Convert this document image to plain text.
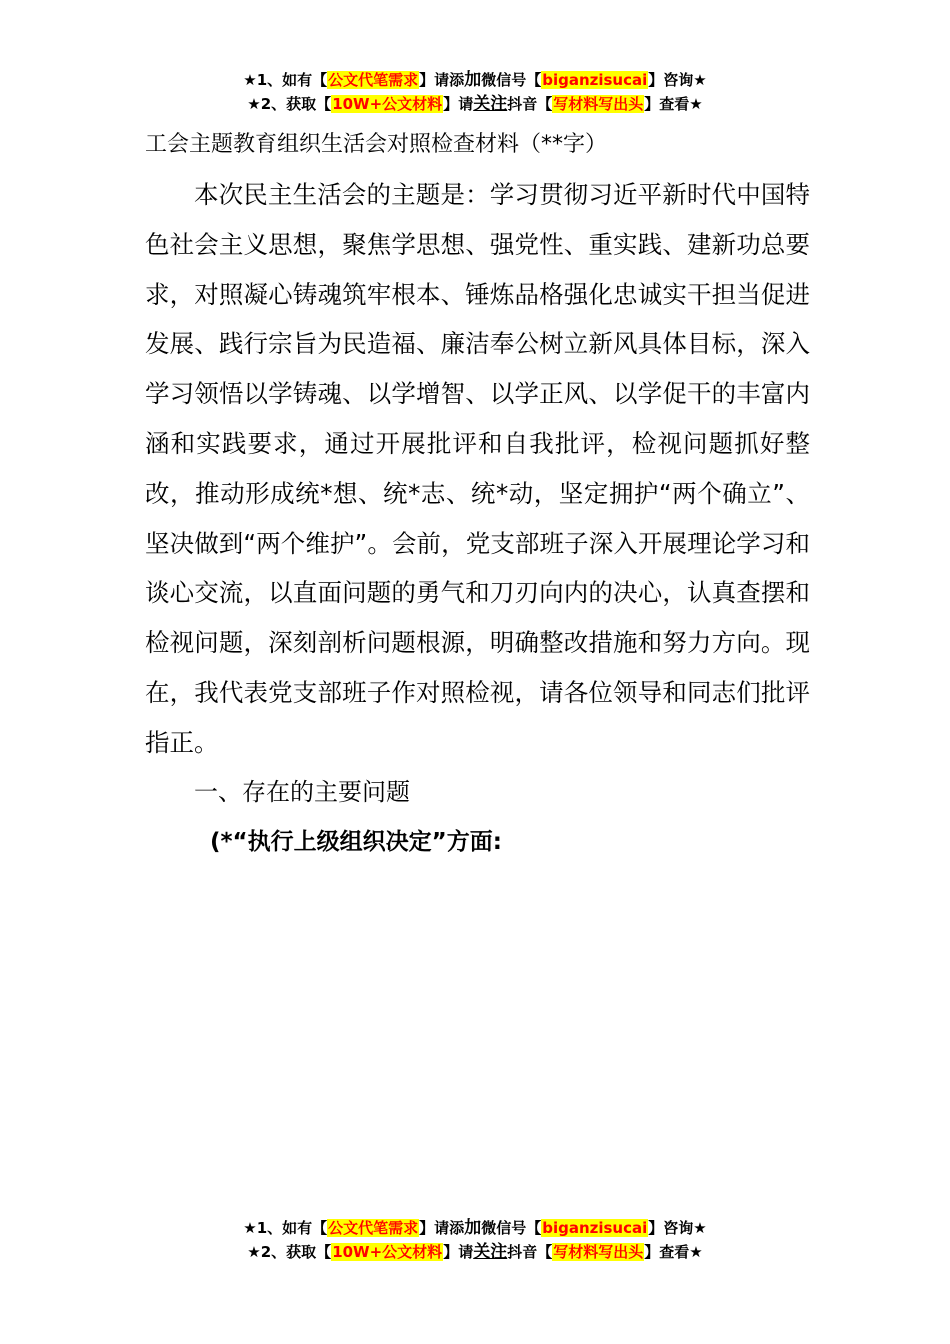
★1、如有【公文代笔需求】请添加微信号【biganzisucai】咨询★
★2、获取【10W+公文材料】请关注抖音【写材料写出头】查看★
工会主题教育组织生活会对照检查材料（**字）

本次民主生活会的主题是：学习贯彻习近平新时代中国特色社会主义思想，聚焦学思想、强党性、重实践、建新功总要求，对照凝心铸魂筑牢根本、锤炼品格强化忠诚实干担当促进发展、践行宗旨为民造福、廉洁奉公树立新风具体目标，深入学习领悟以学铸魂、以学增智、以学正风、以学促干的丰富内涵和实践要求，通过开展批评和自我批评，检视问题抓好整改，推动形成统*想、统*志、统*动，坚定拥护“两个确立”、坚决做到“两个维护”。会前，党支部班子深入开展理论学习和谈心交流，以直面问题的勇气和刀刃向内的决心，认真查摆和检视问题，深刻剖析问题根源，明确整改措施和努力方向。现在，我代表党支部班子作对照检视，请各位领导和同志们批评指正。

一、存在的主要问题
(*“执行上级组织决定”方面:
★1、如有【公文代笔需求】请添加微信号【biganzisucai】咨询★
★2、获取【10W+公文材料】请关注抖音【写材料写出头】查看★
